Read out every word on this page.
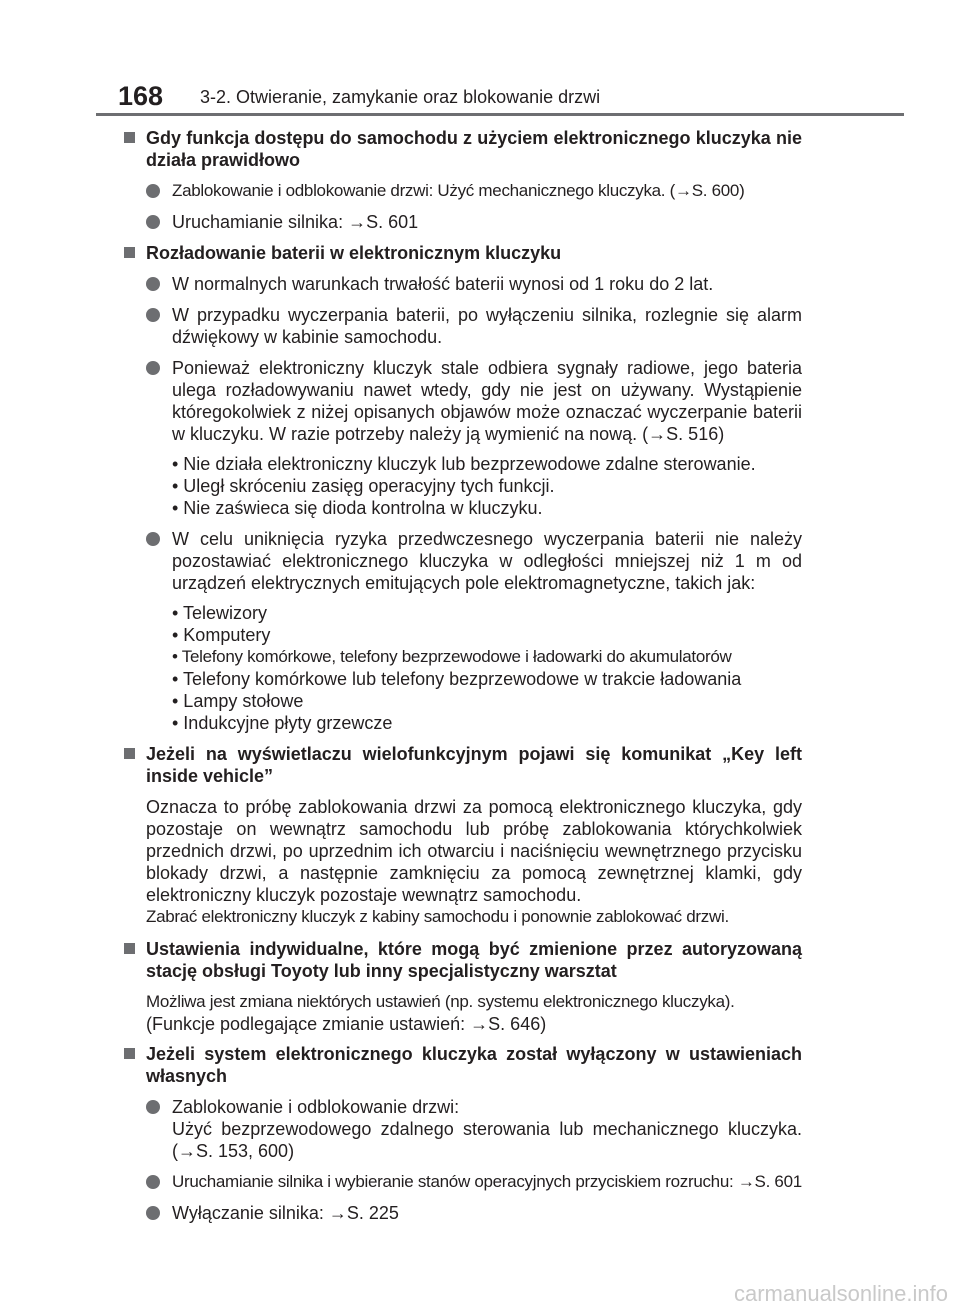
168 3-2. Otwieranie, zamykanie oraz blokowanie drzwi
Gdy funkcja dostępu do samochodu z użyciem elektronicznego kluczyka nie działa prawidłowo
Zablokowanie i odblokowanie drzwi: Użyć mechanicznego kluczyka. (→S. 600)
Uruchamianie silnika: →S. 601
Rozładowanie baterii w elektronicznym kluczyku
W normalnych warunkach trwałość baterii wynosi od 1 roku do 2 lat.
W przypadku wyczerpania baterii, po wyłączeniu silnika, rozlegnie się alarm dźwiękowy w kabinie samochodu.
Ponieważ elektroniczny kluczyk stale odbiera sygnały radiowe, jego bateria ulega rozładowywaniu nawet wtedy, gdy nie jest on używany. Wystąpienie któregokolwiek z niżej opisanych objawów może oznaczać wyczerpanie baterii w kluczyku. W razie potrzeby należy ją wymienić na nową. (→S. 516)
• Nie działa elektroniczny kluczyk lub bezprzewodowe zdalne sterowanie.
• Uległ skróceniu zasięg operacyjny tych funkcji.
• Nie zaświeca się dioda kontrolna w kluczyku.
W celu uniknięcia ryzyka przedwczesnego wyczerpania baterii nie należy pozostawiać elektronicznego kluczyka w odległości mniejszej niż 1 m od urządzeń elektrycznych emitujących pole elektromagnetyczne, takich jak:
• Telewizory
• Komputery
• Telefony komórkowe, telefony bezprzewodowe i ładowarki do akumulatorów
• Telefony komórkowe lub telefony bezprzewodowe w trakcie ładowania
• Lampy stołowe
• Indukcyjne płyty grzewcze
Jeżeli na wyświetlaczu wielofunkcyjnym pojawi się komunikat „Key left inside vehicle”
Oznacza to próbę zablokowania drzwi za pomocą elektronicznego kluczyka, gdy pozostaje on wewnątrz samochodu lub próbę zablokowania którychkolwiek przednich drzwi, po uprzednim ich otwarciu i naciśnięciu wewnętrznego przycisku blokady drzwi, a następnie zamknięciu za pomocą zewnętrznej klamki, gdy elektroniczny kluczyk pozostaje wewnątrz samochodu.
Zabrać elektroniczny kluczyk z kabiny samochodu i ponownie zablokować drzwi.
Ustawienia indywidualne, które mogą być zmienione przez autoryzowaną stację obsługi Toyoty lub inny specjalistyczny warsztat
Możliwa jest zmiana niektórych ustawień (np. systemu elektronicznego kluczyka).
(Funkcje podlegające zmianie ustawień: →S. 646)
Jeżeli system elektronicznego kluczyka został wyłączony w ustawieniach własnych
Zablokowanie i odblokowanie drzwi:
Użyć bezprzewodowego zdalnego sterowania lub mechanicznego kluczyka. (→S. 153, 600)
Uruchamianie silnika i wybieranie stanów operacyjnych przyciskiem rozruchu: →S. 601
Wyłączanie silnika: →S. 225
carmanualsonline.info
